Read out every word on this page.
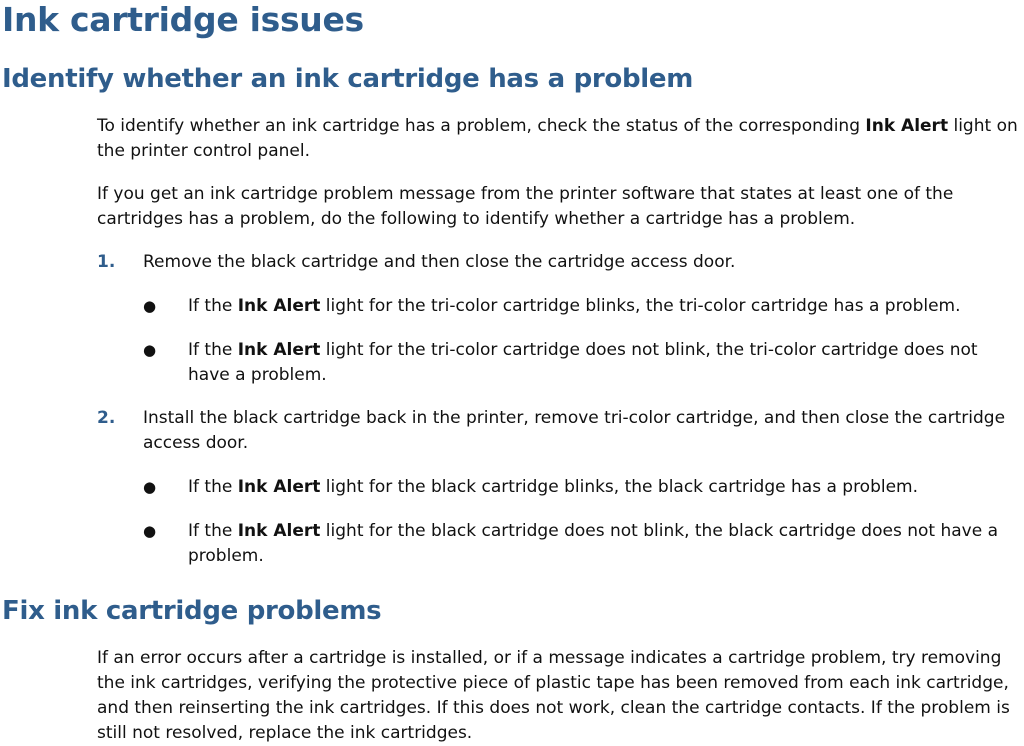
Ink cartridge issues
Identify whether an ink cartridge has a problem

To identify whether an ink cartridge has a problem, check the status of the corresponding Ink Alert light on the printer control panel.

If you get an ink cartridge problem message from the printer software that states at least one of the cartridges has a problem, do the following to identify whether a cartridge has a problem.

1. Remove the black cartridge and then close the cartridge access door.
● If the Ink Alert light for the tri-color cartridge blinks, the tri-color cartridge has a problem.
● If the Ink Alert light for the tri-color cartridge does not blink, the tri-color cartridge does not have a problem.
2. Install the black cartridge back in the printer, remove tri-color cartridge, and then close the cartridge access door.
● If the Ink Alert light for the black cartridge blinks, the black cartridge has a problem.
● If the Ink Alert light for the black cartridge does not blink, the black cartridge does not have a problem.
Fix ink cartridge problems

If an error occurs after a cartridge is installed, or if a message indicates a cartridge problem, try removing the ink cartridges, verifying the protective piece of plastic tape has been removed from each ink cartridge, and then reinserting the ink cartridges. If this does not work, clean the cartridge contacts. If the problem is still not resolved, replace the ink cartridges.
